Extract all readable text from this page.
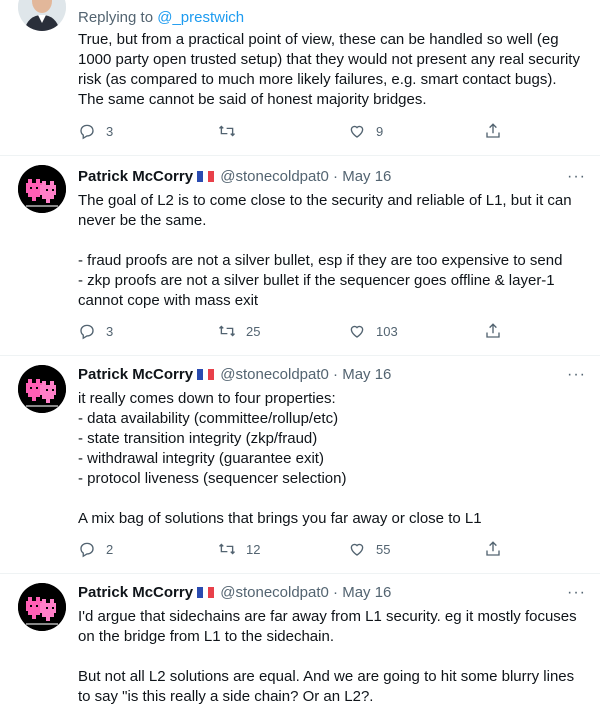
Replying to @_prestwich
True, but from a practical point of view, these can be handled so well (eg 1000 party open trusted setup) that they would not present any real security risk (as compared to much more likely failures, e.g. smart contact bugs).
The same cannot be said of honest majority bridges.
3	9
Patrick McCorry @stonecoldpat0 · May 16	···
The goal of L2 is to come close to the security and reliable of L1, but it can never be the same.

- fraud proofs are not a silver bullet, esp if they are too expensive to send
- zkp proofs are not a silver bullet if the sequencer goes offline & layer-1 cannot cope with mass exit
3	25	103
Patrick McCorry @stonecoldpat0 · May 16	···
it really comes down to four properties:
- data availability (committee/rollup/etc)
- state transition integrity (zkp/fraud)
- withdrawal integrity (guarantee exit)
- protocol liveness (sequencer selection)

A mix bag of solutions that brings you far away or close to L1
2	12	55
Patrick McCorry @stonecoldpat0 · May 16	···
I'd argue that sidechains are far away from L1 security. eg it mostly focuses on the bridge from L1 to the sidechain.

But not all L2 solutions are equal. And we are going to hit some blurry lines to say "is this really a side chain? Or an L2?.
